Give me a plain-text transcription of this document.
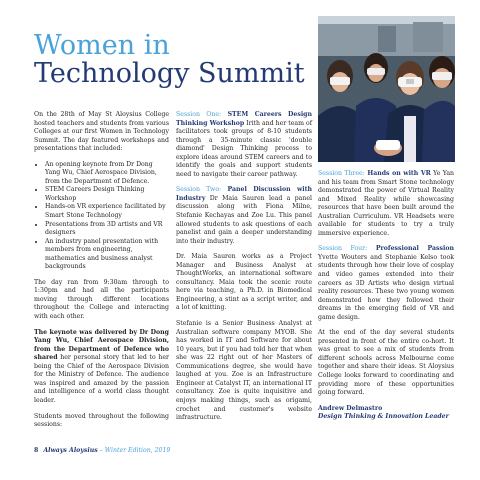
Women in
Technology Summit

On the 28th of May St Aloysius College hosted teachers and students from various Colleges at our first Women in Technology Summit. The day featured workshops and presentations that included:

• An opening keynote from Dr Dong Yang Wu, Chief Aerospace Division, from the Department of Defence.
• STEM Careers Design Thinking Workshop
• Hands-on VR experience facilitated by Smart Stone Technology
• Presentations from 3D artists and VR designers
• An industry panel presentation with members from engineering, mathematics and business analyst backgrounds

The day ran from 9:30am through to 1:30pm and had all the participants moving through different locations throughout the College and interacting with each other.

The keynote was delivered by Dr Dong Yang Wu, Chief Aerospace Division, from the Department of Defence who shared her personal story that led to her being the Chief of the Aerospace Division for the Ministry of Defence. The audience was inspired and amazed by the passion and intelligence of a world class thought leader.

Students moved throughout the following sessions:

Session One: STEM Careers Design Thinking Workshop Irith and her team of facilitators took groups of 8-10 students through a 35-minute classic 'double diamond' Design Thinking process to explore ideas around STEM careers and to identify the goals and support students need to navigate their career pathway.

Session Two: Panel Discussion with Industry Dr Maia Sauren lead a panel discussion along with Fiona Milne, Stefanie Kechayas and Zoe Lu. This panel allowed students to ask questions of each panelist and gain a deeper understanding into their industry.

Dr. Maia Sauren works as a Project Manager and Business Analyst at ThoughtWorks, an international software consultancy. Maia took the scenic route here via teaching, a Ph.D. in Biomedical Engineering, a stint as a script writer, and a lot of knitting.

Stefanie is a Senior Business Analyst at Australian software company MYOB. She has worked in IT and Software for about 10 years, but if you had told her that when she was 22 right out of her Masters of Communications degree, she would have laughed at you. Zoe is an Infrastructure Engineer at Catalyst IT, an international IT consultancy. Zoe is quite inquisitive and enjoys making things, such as origami, crochet and customer's website infrastructure.

Session Three: Hands on with VR Ye Yan and his team from Smart Stone technology demonstrated the power of Virtual Reality and Mixed Reality while showcasing resources that have been built around the Australian Curriculum. VR Headsets were available for students to try a truly immersive experience.

Session Four: Professional Passion Yvette Wouters and Stephanie Kelso took students through how their love of cosplay and video games extended into their careers as 3D Artists who design virtual reality resources. These two young women demonstrated how they followed their dreams in the emerging field of VR and game design.

At the end of the day several students presented in front of the entire co-hort. It was great to see a mix of students from different schools across Melbourne come together and share their ideas. St Aloysius College looks forward to coordinating and providing more of these opportunities going forward.

Andrew Delmastro
Design Thinking & Innovation Leader

8 Always Aloysius – Winter Edition, 2019
